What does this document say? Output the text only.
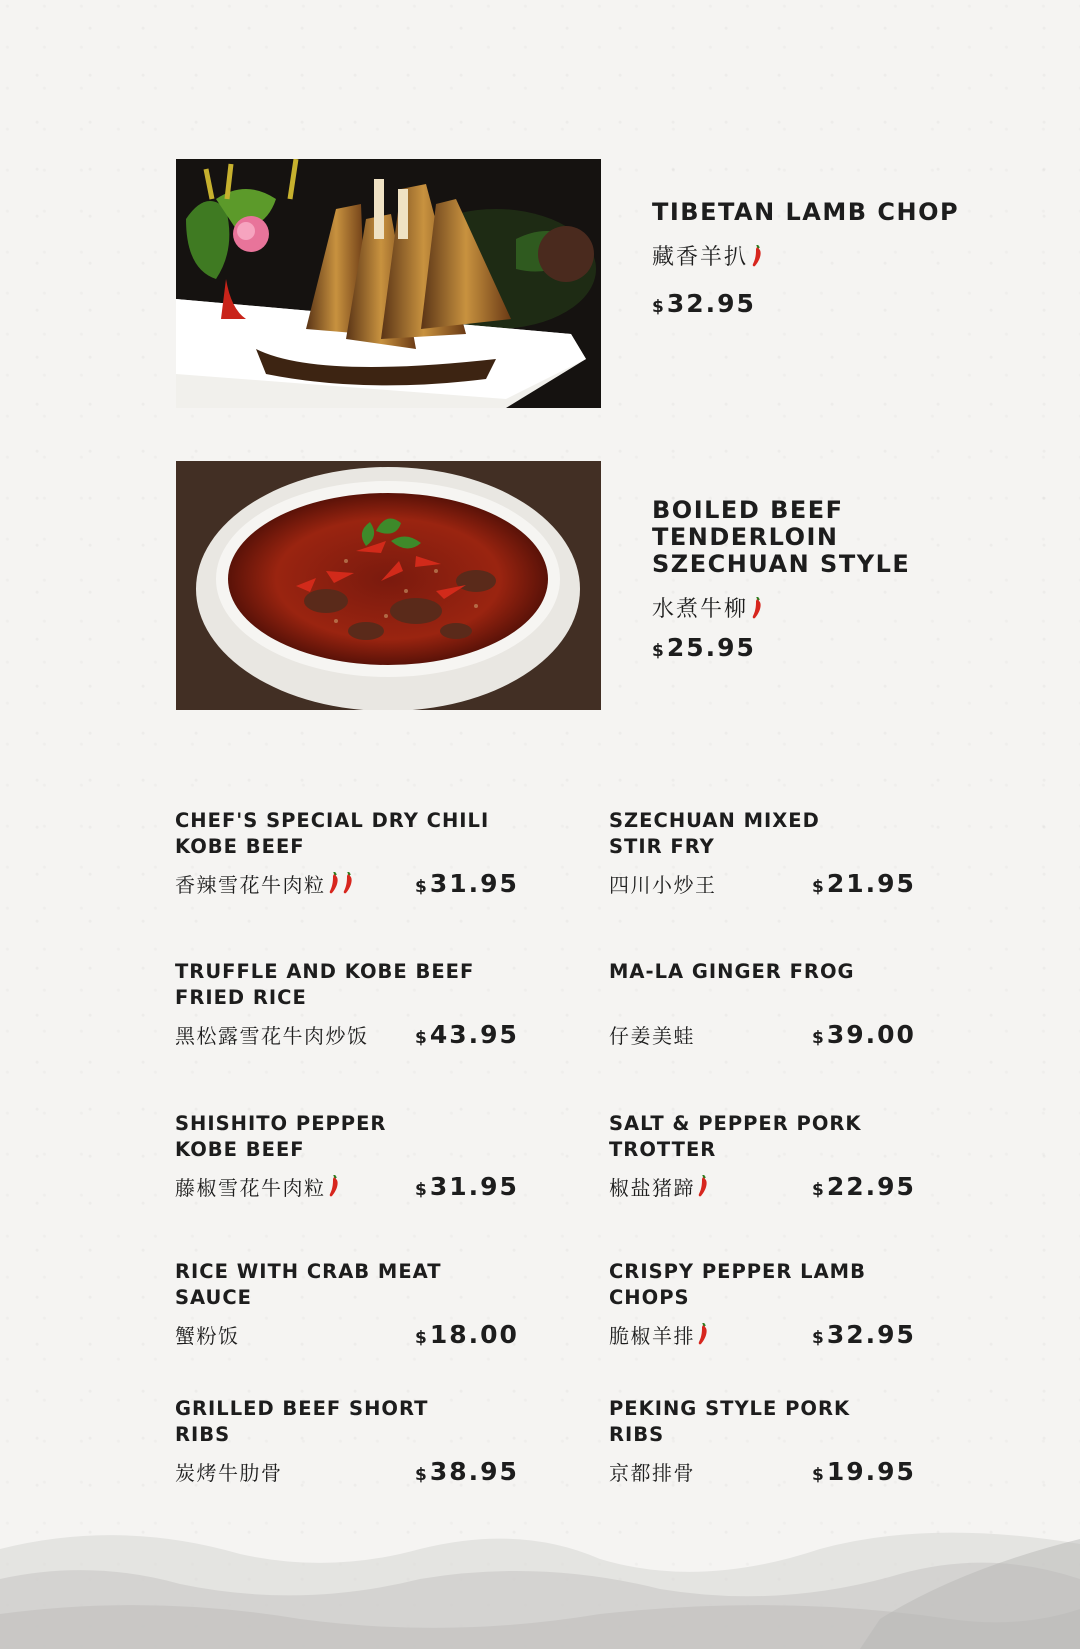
TIBETAN LAMB CHOP
藏香羊扒
$32.95
BOILED BEEF TENDERLOIN
SZECHUAN STYLE
水煮牛柳
$25.95
CHEF'S SPECIAL DRY CHILI
KOBE BEEF
香辣雪花牛肉粒	$31.95
TRUFFLE AND KOBE BEEF
FRIED RICE
黑松露雪花牛肉炒饭	$43.95
SHISHITO PEPPER
KOBE BEEF
藤椒雪花牛肉粒	$31.95
RICE WITH CRAB MEAT
SAUCE
蟹粉饭	$18.00
GRILLED BEEF SHORT
RIBS
炭烤牛肋骨	$38.95
SZECHUAN MIXED
STIR FRY
四川小炒王	$21.95
MA-LA GINGER FROG
仔姜美蛙	$39.00
SALT & PEPPER PORK
TROTTER
椒盐猪蹄	$22.95
CRISPY PEPPER LAMB
CHOPS
脆椒羊排	$32.95
PEKING STYLE PORK
RIBS
京都排骨	$19.95
